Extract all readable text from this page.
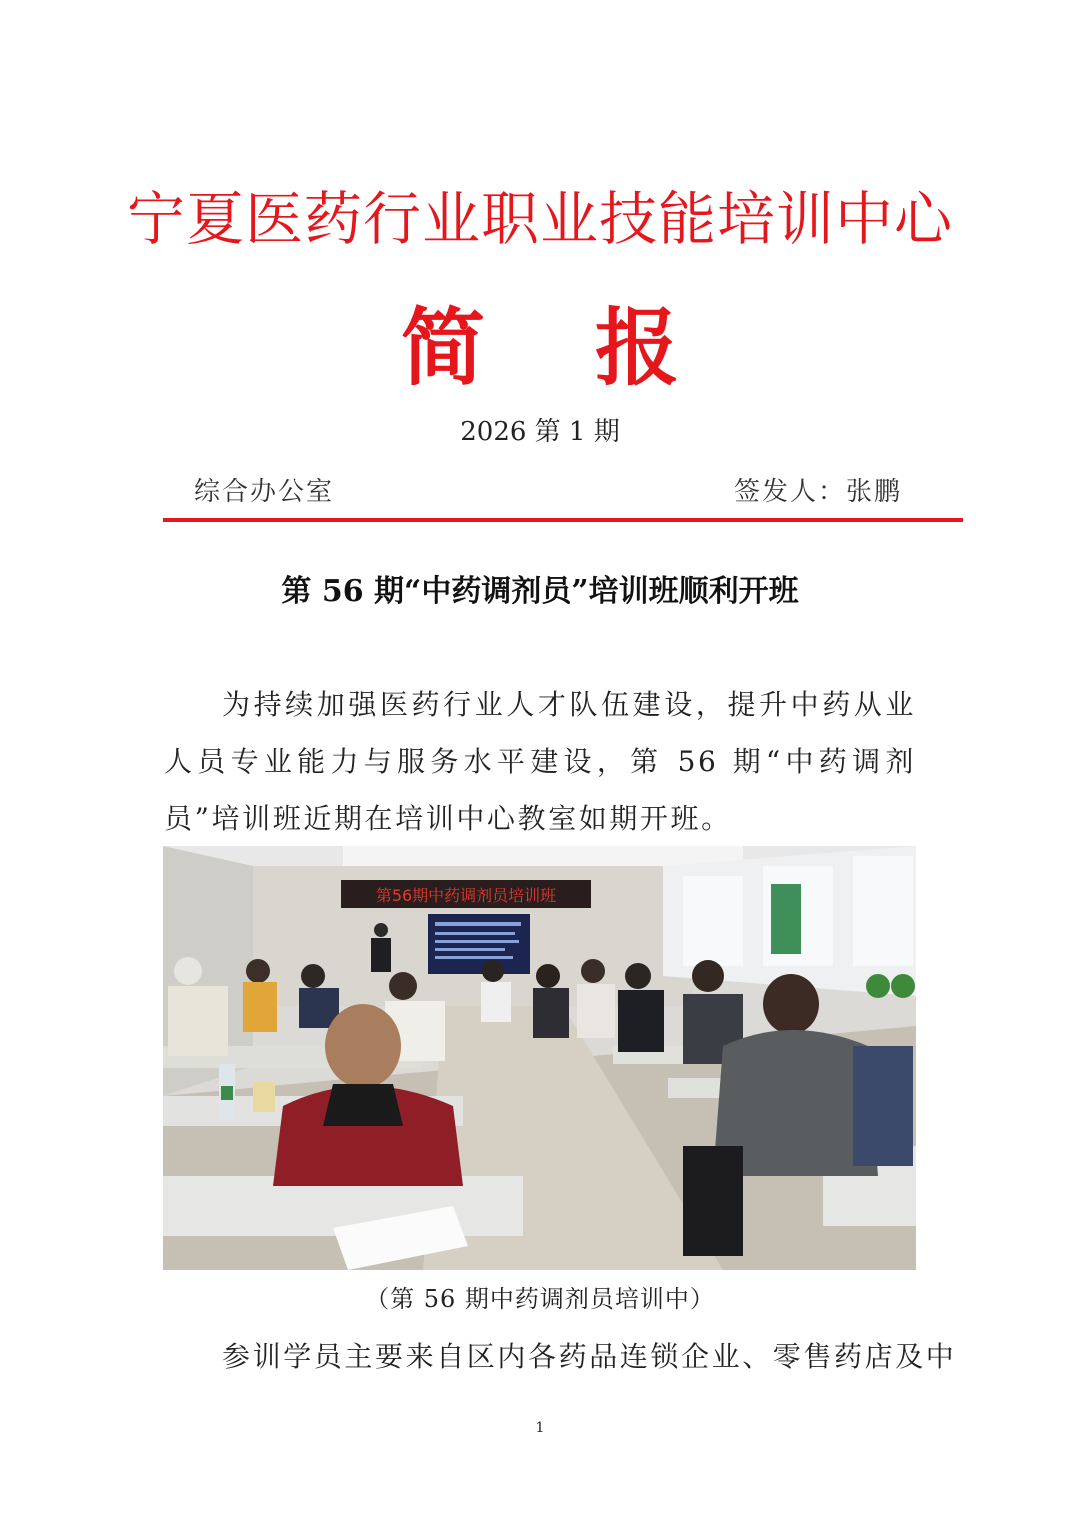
宁夏医药行业职业技能培训中心
简报
2026 第 1 期
综合办公室	签发人：张鹏
第 56 期“中药调剂员”培训班顺利开班

为持续加强医药行业人才队伍建设，提升中药从业人员专业能力与服务水平建设，第 56 期“中药调剂员”培训班近期在培训中心教室如期开班。

第56期中药调剂员培训班
（第 56 期中药调剂员培训中）

参训学员主要来自区内各药品连锁企业、零售药店及中

1
